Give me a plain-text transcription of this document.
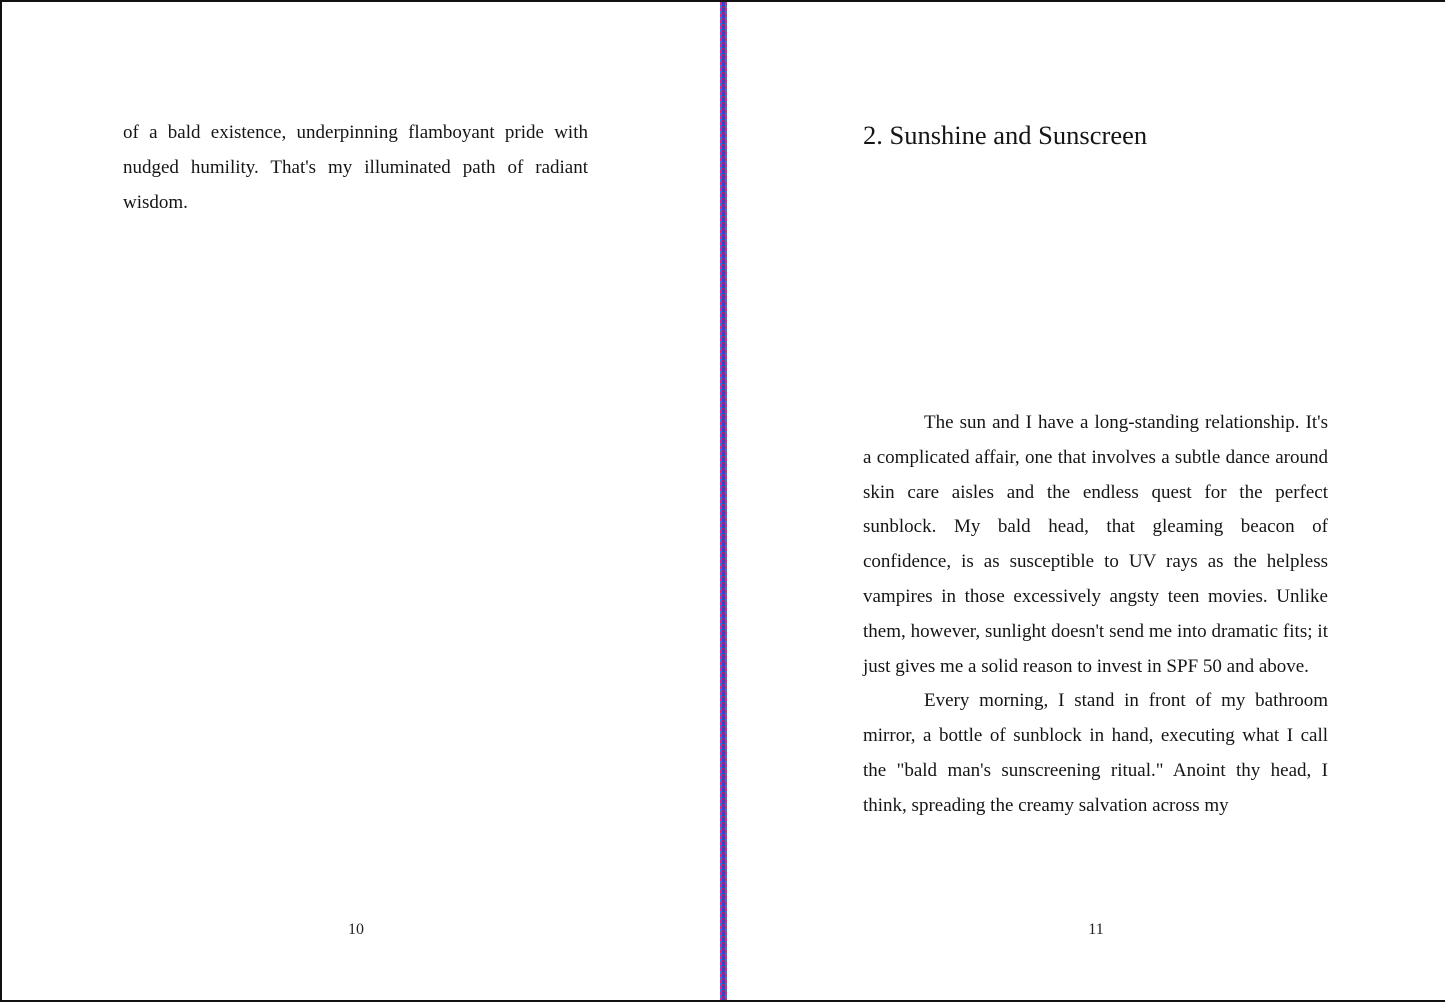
of a bald existence, underpinning flamboyant pride with nudged humility. That's my illuminated path of radiant wisdom.

10
2. Sunshine and Sunscreen

The sun and I have a long-standing relationship. It's a complicated affair, one that involves a subtle dance around skin care aisles and the endless quest for the perfect sunblock. My bald head, that gleaming beacon of confidence, is as susceptible to UV rays as the helpless vampires in those excessively angsty teen movies. Unlike them, however, sunlight doesn't send me into dramatic fits; it just gives me a solid reason to invest in SPF 50 and above.

Every morning, I stand in front of my bathroom mirror, a bottle of sunblock in hand, executing what I call the "bald man's sunscreening ritual." Anoint thy head, I think, spreading the creamy salvation across my

11
